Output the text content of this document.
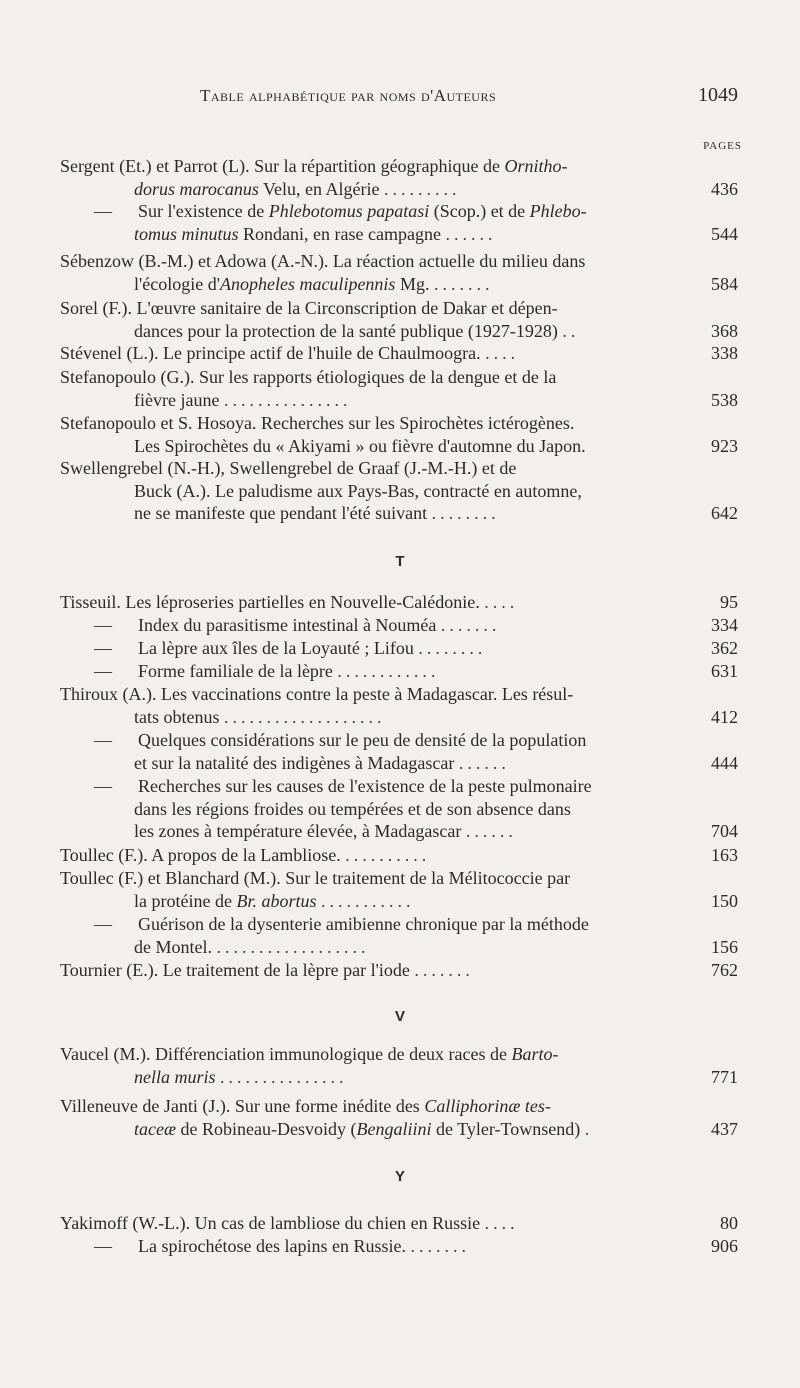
Table alphabétique par noms d'Auteurs	1049
PAGES
Sergent (Et.) et Parrot (L). Sur la répartition géographique de Ornitho-
dorus marocanus Velu, en Algérie .........	436
— Sur l'existence de Phlebotomus papatasi (Scop.) et de Phlebo-
tomus minutus Rondani, en rase campagne ......	544
Sébenzow (B.-M.) et Adowa (A.-N.). La réaction actuelle du milieu dans
l'écologie d'Anopheles maculipennis Mg. .......	584
Sorel (F.). L'œuvre sanitaire de la Circonscription de Dakar et dépen-
dances pour la protection de la santé publique (1927-1928) ..	368
Stévenel (L.). Le principe actif de l'huile de Chaulmoogra. ....	338
Stefanopoulo (G.). Sur les rapports étiologiques de la dengue et de la
fièvre jaune ...............	538
Stefanopoulo et S. Hosoya. Recherches sur les Spirochètes ictérogènes.
Les Spirochètes du « Akiyami » ou fièvre d'automne du Japon.	923
Swellengrebel (N.-H.), Swellengrebel de Graaf (J.-M.-H.) et de
Buck (A.). Le paludisme aux Pays-Bas, contracté en automne,
ne se manifeste que pendant l'été suivant ........	642
T
Tisseuil. Les léproseries partielles en Nouvelle-Calédonie. ....	95
— Index du parasitisme intestinal à Nouméa .......	334
— La lèpre aux îles de la Loyauté ; Lifou ........	362
— Forme familiale de la lèpre ............	631
Thiroux (A.). Les vaccinations contre la peste à Madagascar. Les résul-
tats obtenus ...................	412
— Quelques considérations sur le peu de densité de la population
et sur la natalité des indigènes à Madagascar ......	444
— Recherches sur les causes de l'existence de la peste pulmonaire
dans les régions froides ou tempérées et de son absence dans
les zones à température élevée, à Madagascar ......	704
Toullec (F.). A propos de la Lambliose. ..........	163
Toullec (F.) et Blanchard (M.). Sur le traitement de la Mélitococcie par
la protéine de Br. abortus ...........	150
— Guérison de la dysenterie amibienne chronique par la méthode
de Montel. ..................	156
Tournier (E.). Le traitement de la lèpre par l'iode .......	762
V
Vaucel (M.). Différenciation immunologique de deux races de Barto-
nella muris ...............	771
Villeneuve de Janti (J.). Sur une forme inédite des Calliphorinæ tes-
taceæ de Robineau-Desvoidy (Bengaliini de Tyler-Townsend) .	437
Y
Yakimoff (W.-L.). Un cas de lambliose du chien en Russie ....	80
— La spirochétose des lapins en Russie. .......	906
